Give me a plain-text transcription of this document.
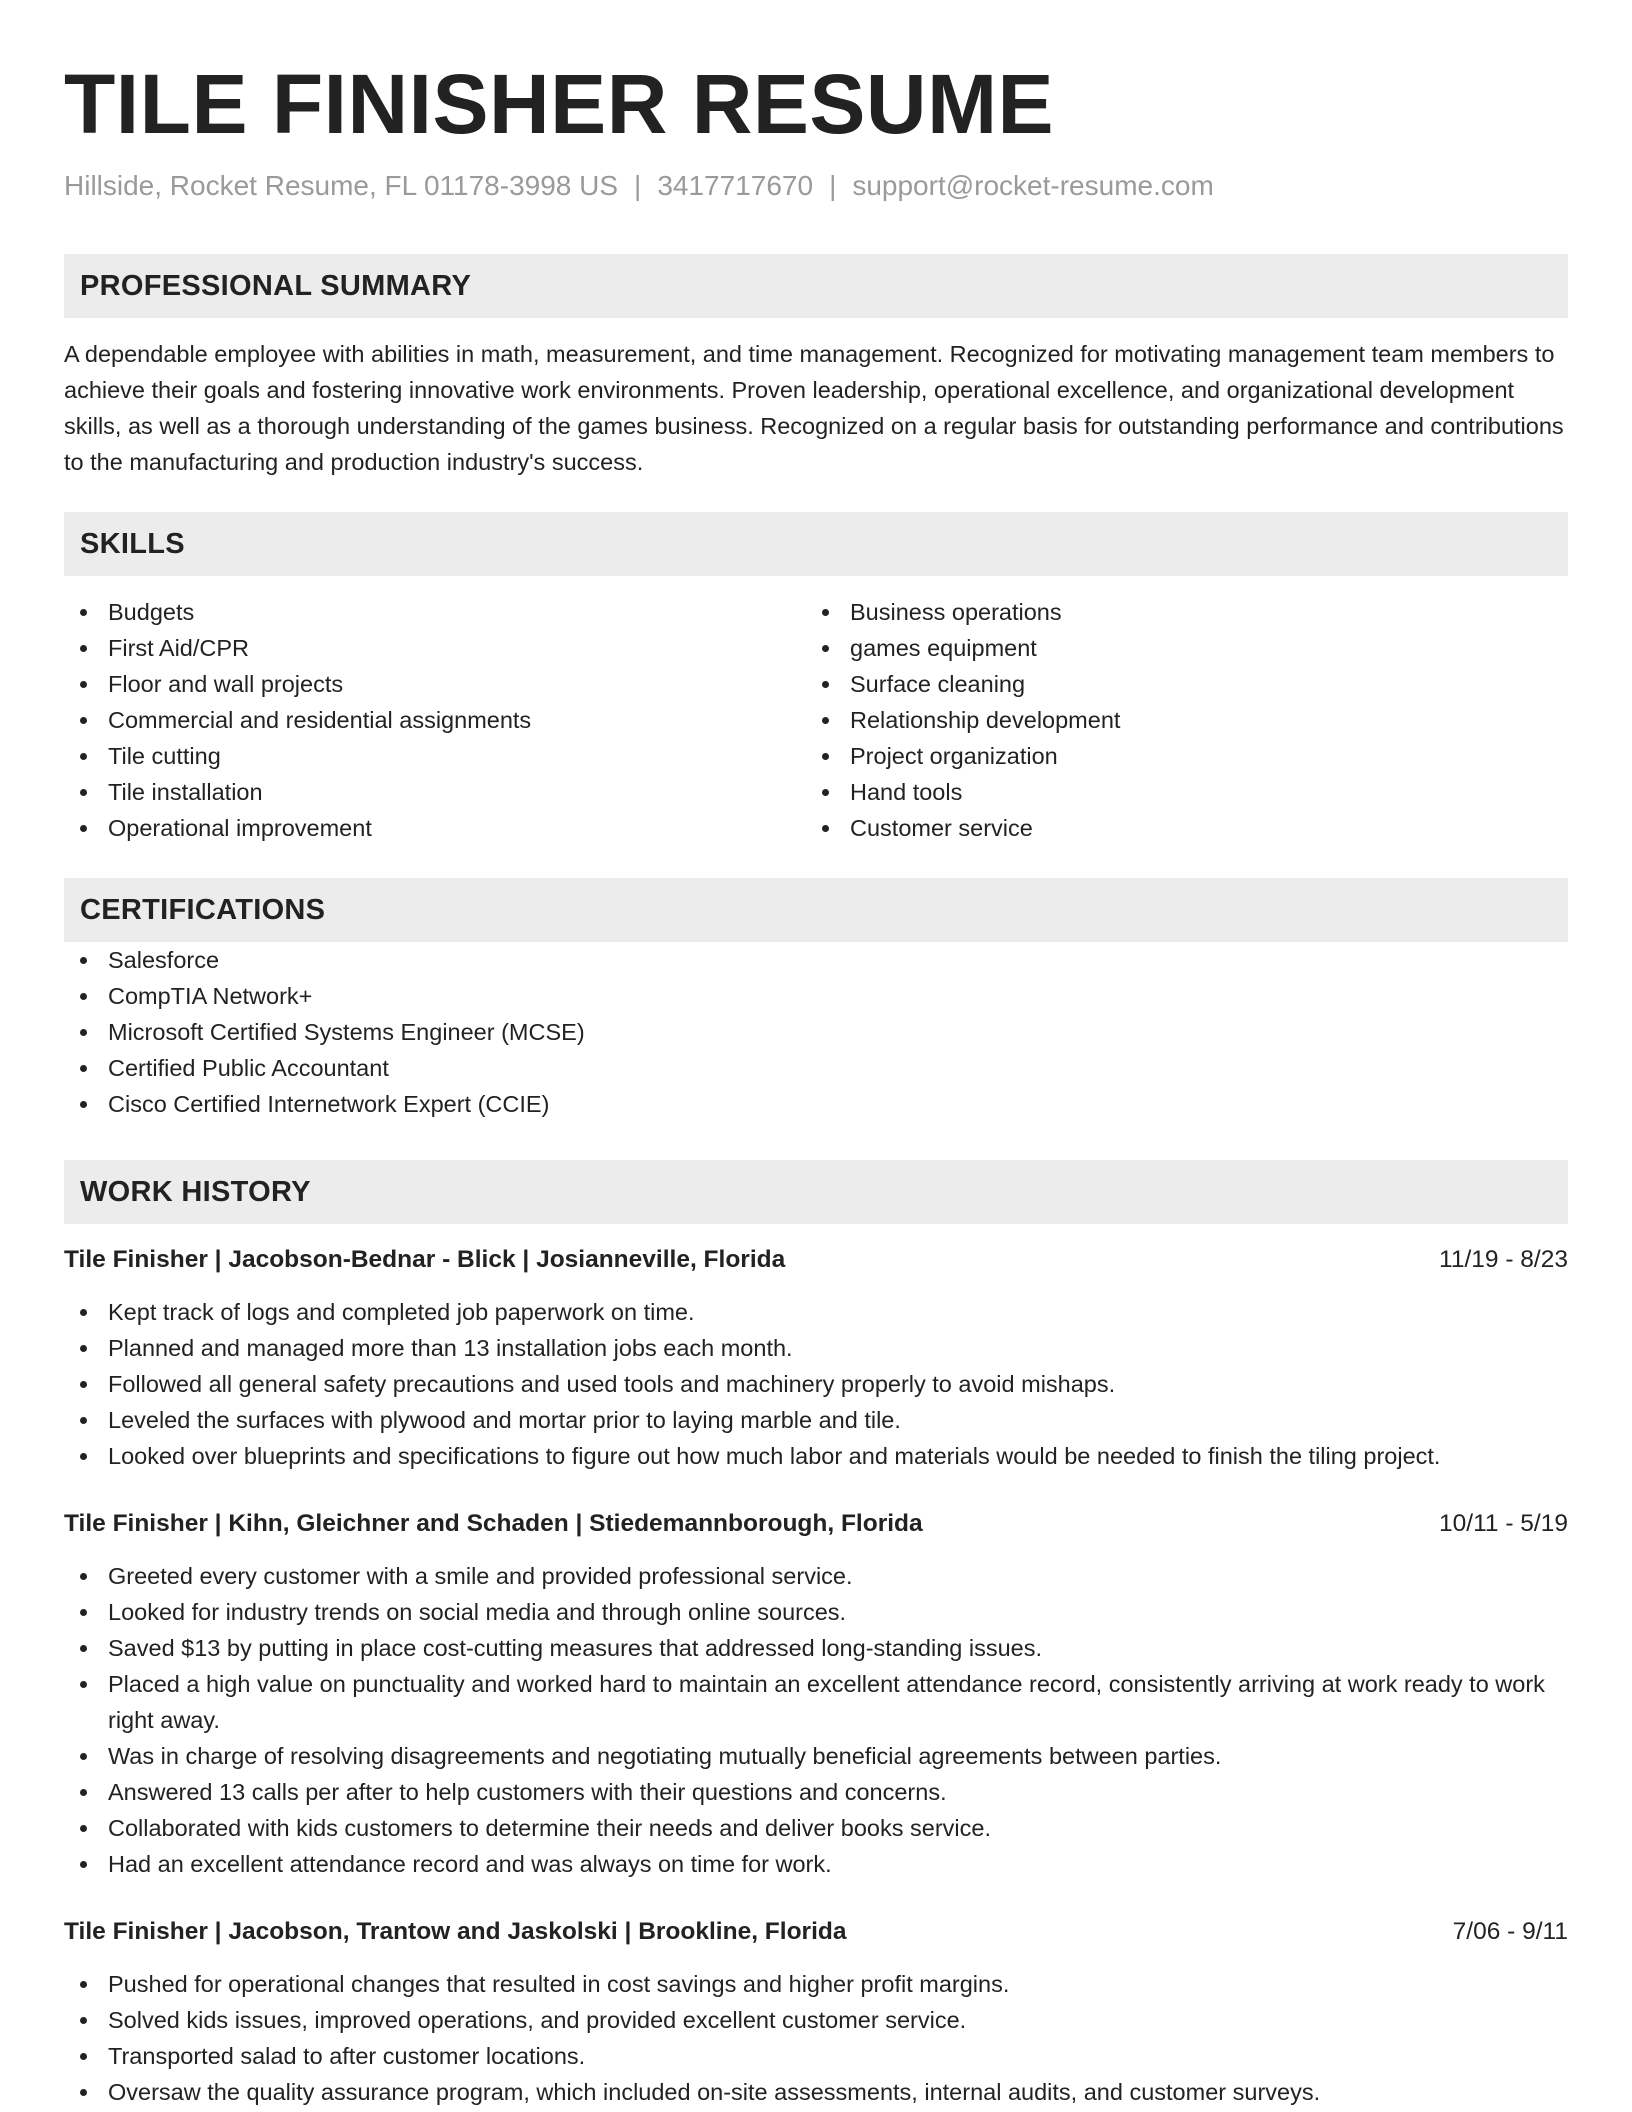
TILE FINISHER RESUME
Hillside, Rocket Resume, FL 01178-3998 US | 3417717670 | support@rocket-resume.com
PROFESSIONAL SUMMARY
A dependable employee with abilities in math, measurement, and time management. Recognized for motivating management team members to achieve their goals and fostering innovative work environments. Proven leadership, operational excellence, and organizational development skills, as well as a thorough understanding of the games business. Recognized on a regular basis for outstanding performance and contributions to the manufacturing and production industry's success.
SKILLS
Budgets
First Aid/CPR
Floor and wall projects
Commercial and residential assignments
Tile cutting
Tile installation
Operational improvement
Business operations
games equipment
Surface cleaning
Relationship development
Project organization
Hand tools
Customer service
CERTIFICATIONS
Salesforce
CompTIA Network+
Microsoft Certified Systems Engineer (MCSE)
Certified Public Accountant
Cisco Certified Internetwork Expert (CCIE)
WORK HISTORY
Tile Finisher | Jacobson-Bednar - Blick | Josianneville, Florida	11/19 - 8/23
Kept track of logs and completed job paperwork on time.
Planned and managed more than 13 installation jobs each month.
Followed all general safety precautions and used tools and machinery properly to avoid mishaps.
Leveled the surfaces with plywood and mortar prior to laying marble and tile.
Looked over blueprints and specifications to figure out how much labor and materials would be needed to finish the tiling project.
Tile Finisher | Kihn, Gleichner and Schaden | Stiedemannborough, Florida	10/11 - 5/19
Greeted every customer with a smile and provided professional service.
Looked for industry trends on social media and through online sources.
Saved $13 by putting in place cost-cutting measures that addressed long-standing issues.
Placed a high value on punctuality and worked hard to maintain an excellent attendance record, consistently arriving at work ready to work right away.
Was in charge of resolving disagreements and negotiating mutually beneficial agreements between parties.
Answered 13 calls per after to help customers with their questions and concerns.
Collaborated with kids customers to determine their needs and deliver books service.
Had an excellent attendance record and was always on time for work.
Tile Finisher | Jacobson, Trantow and Jaskolski | Brookline, Florida	7/06 - 9/11
Pushed for operational changes that resulted in cost savings and higher profit margins.
Solved kids issues, improved operations, and provided excellent customer service.
Transported salad to after customer locations.
Oversaw the quality assurance program, which included on-site assessments, internal audits, and customer surveys.
